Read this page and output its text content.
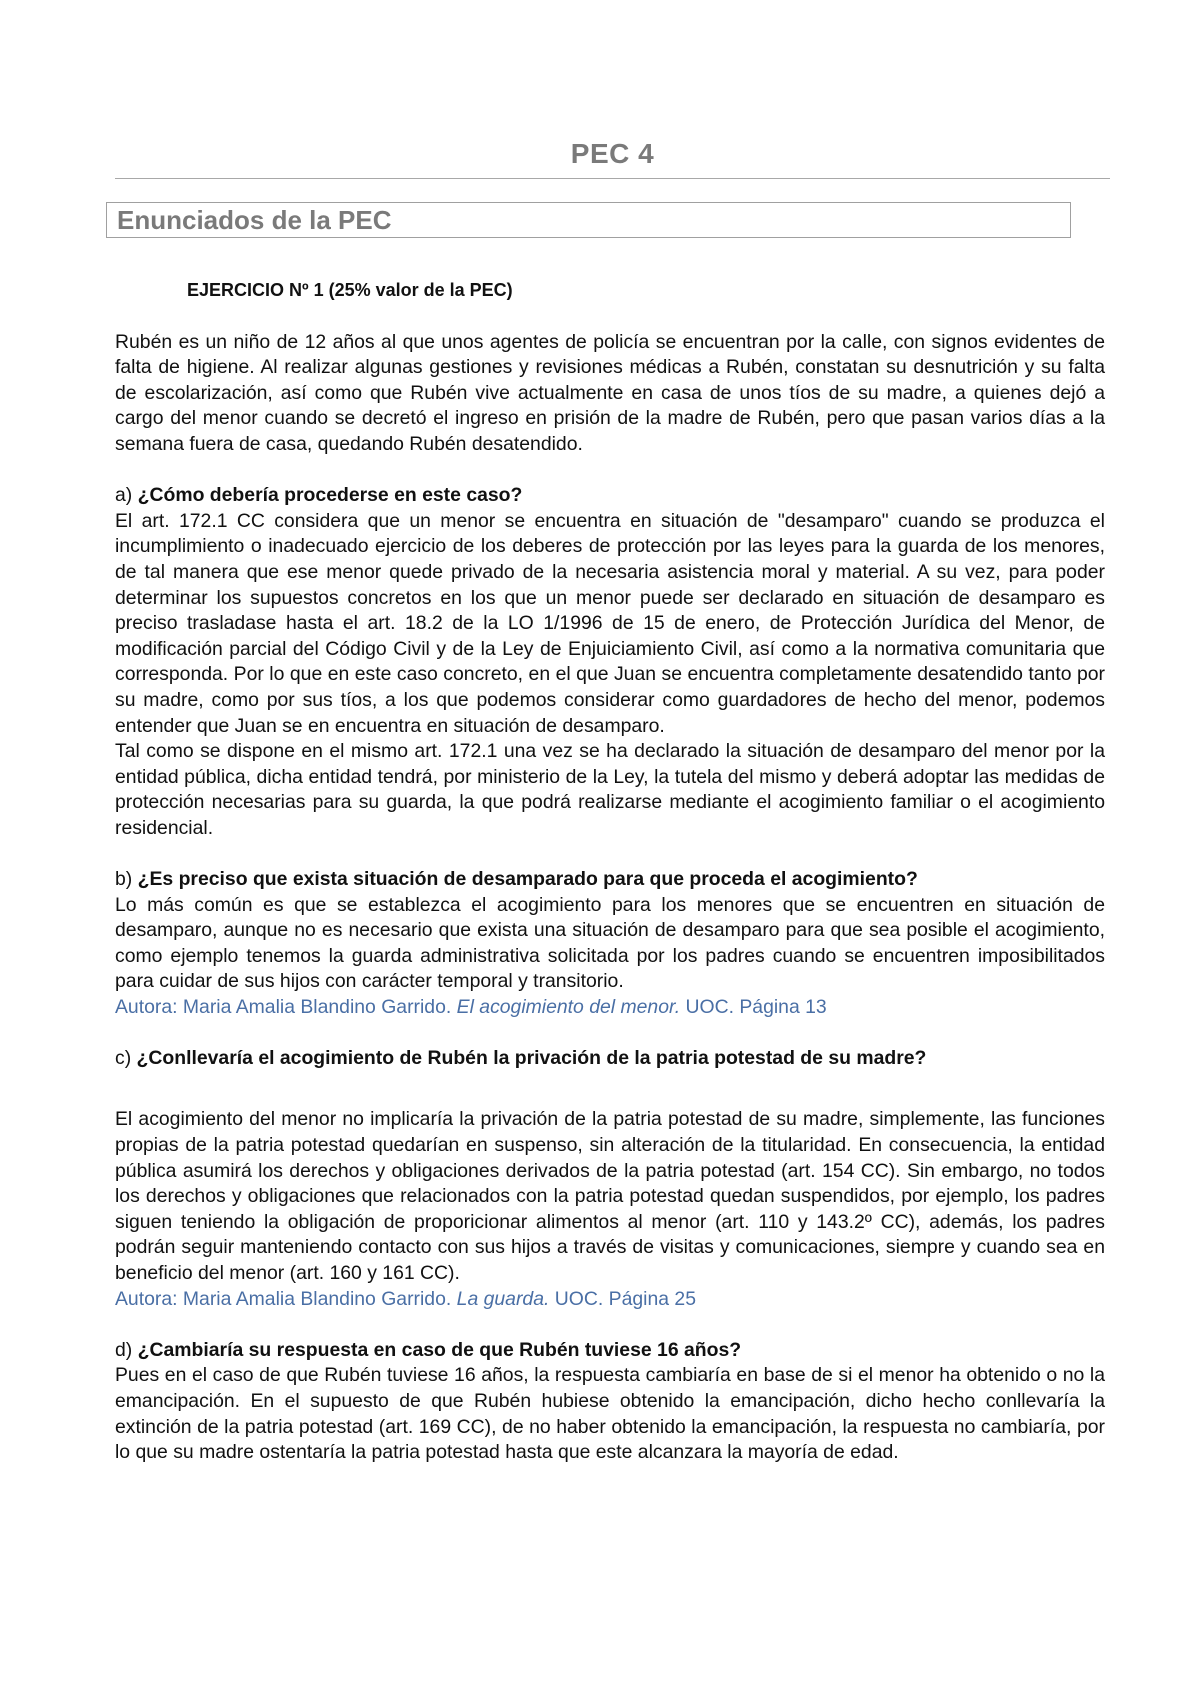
PEC 4
Enunciados de la PEC
EJERCICIO Nº 1 (25% valor de la PEC)

Rubén es un niño de 12 años al que unos agentes de policía se encuentran por la calle, con signos evidentes de falta de higiene. Al realizar algunas gestiones y revisiones médicas a Rubén, constatan su desnutrición y su falta de escolarización, así como que Rubén vive actualmente en casa de unos tíos de su madre, a quienes dejó a cargo del menor cuando se decretó el ingreso en prisión de la madre de Rubén, pero que pasan varios días a la semana fuera de casa, quedando Rubén desatendido.

a) ¿Cómo debería procederse en este caso?

El art. 172.1 CC considera que un menor se encuentra en situación de "desamparo" cuando se produzca el incumplimiento o inadecuado ejercicio de los deberes de protección por las leyes para la guarda de los menores, de tal manera que ese menor quede privado de la necesaria asistencia moral y material. A su vez, para poder determinar los supuestos concretos en los que un menor puede ser declarado en situación de desamparo es preciso trasladase hasta el art. 18.2 de la LO 1/1996 de 15 de enero, de Protección Jurídica del Menor, de modificación parcial del Código Civil y de la Ley de Enjuiciamiento Civil, así como a la normativa comunitaria que corresponda. Por lo que en este caso concreto, en el que Juan se encuentra completamente desatendido tanto por su madre, como por sus tíos, a los que podemos considerar como guardadores de hecho del menor, podemos entender que Juan se en encuentra en situación de desamparo.

Tal como se dispone en el mismo art. 172.1 una vez se ha declarado la situación de desamparo del menor por la entidad pública, dicha entidad tendrá, por ministerio de la Ley, la tutela del mismo y deberá adoptar las medidas de protección necesarias para su guarda, la que podrá realizarse mediante el acogimiento familiar o el acogimiento residencial.

b) ¿Es preciso que exista situación de desamparado para que proceda el acogimiento?

Lo más común es que se establezca el acogimiento para los menores que se encuentren en situación de desamparo, aunque no es necesario que exista una situación de desamparo para que sea posible el acogimiento, como ejemplo tenemos la guarda administrativa solicitada por los padres cuando se encuentren imposibilitados para cuidar de sus hijos con carácter temporal y transitorio.

Autora: Maria Amalia Blandino Garrido. El acogimiento del menor. UOC. Página 13

c) ¿Conllevaría el acogimiento de Rubén la privación de la patria potestad de su madre?

El acogimiento del menor no implicaría la privación de la patria potestad de su madre, simplemente, las funciones propias de la patria potestad quedarían en suspenso, sin alteración de la titularidad. En consecuencia, la entidad pública asumirá los derechos y obligaciones derivados de la patria potestad (art. 154 CC). Sin embargo, no todos los derechos y obligaciones que relacionados con la patria potestad quedan suspendidos, por ejemplo, los padres siguen teniendo la obligación de proporicionar alimentos al menor (art. 110 y 143.2º CC), además, los padres podrán seguir manteniendo contacto con sus hijos a través de visitas y comunicaciones, siempre y cuando sea en beneficio del menor (art. 160 y 161 CC).

Autora: Maria Amalia Blandino Garrido. La guarda. UOC. Página 25

d) ¿Cambiaría su respuesta en caso de que Rubén tuviese 16 años?

Pues en el caso de que Rubén tuviese 16 años, la respuesta cambiaría en base de si el menor ha obtenido o no la emancipación. En el supuesto de que Rubén hubiese obtenido la emancipación, dicho hecho conllevaría la extinción de la patria potestad (art. 169 CC), de no haber obtenido la emancipación, la respuesta no cambiaría, por lo que su madre ostentaría la patria potestad hasta que este alcanzara la mayoría de edad.
